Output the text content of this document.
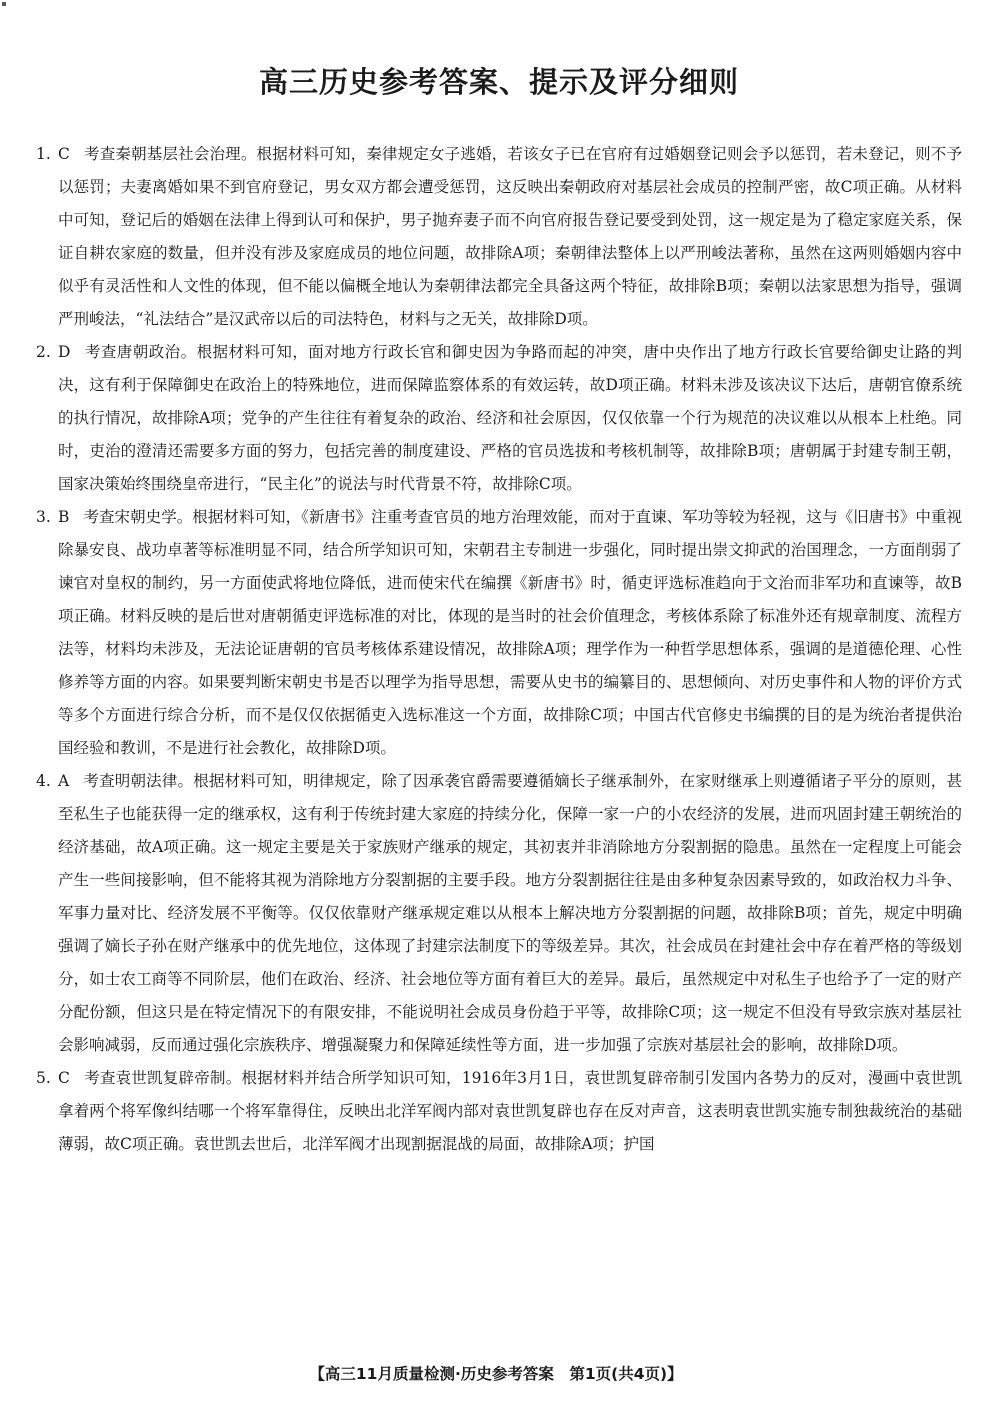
高三历史参考答案、提示及评分细则
1. C 考查秦朝基层社会治理。根据材料可知，秦律规定女子逃婚，若该女子已在官府有过婚姻登记则会予以惩罚，若未登记，则不予以惩罚；夫妻离婚如果不到官府登记，男女双方都会遭受惩罚，这反映出秦朝政府对基层社会成员的控制严密，故C项正确。从材料中可知，登记后的婚姻在法律上得到认可和保护，男子抛弃妻子而不向官府报告登记要受到处罚，这一规定是为了稳定家庭关系，保证自耕农家庭的数量，但并没有涉及家庭成员的地位问题，故排除A项；秦朝律法整体上以严刑峻法著称，虽然在这两则婚姻内容中似乎有灵活性和人文性的体现，但不能以偏概全地认为秦朝律法都完全具备这两个特征，故排除B项；秦朝以法家思想为指导，强调严刑峻法，“礼法结合”是汉武帝以后的司法特色，材料与之无关，故排除D项。
2. D 考查唐朝政治。根据材料可知，面对地方行政长官和御史因为争路而起的冲突，唐中央作出了地方行政长官要给御史让路的判决，这有利于保障御史在政治上的特殊地位，进而保障监察体系的有效运转，故D项正确。材料未涉及该决议下达后，唐朝官僚系统的执行情况，故排除A项；党争的产生往往有着复杂的政治、经济和社会原因，仅仅依靠一个行为规范的决议难以从根本上杜绝。同时，吏治的澄清还需要多方面的努力，包括完善的制度建设、严格的官员选拔和考核机制等，故排除B项；唐朝属于封建专制王朝，国家决策始终围绕皇帝进行，“民主化”的说法与时代背景不符，故排除C项。
3. B 考查宋朝史学。根据材料可知，《新唐书》注重考查官员的地方治理效能，而对于直谏、军功等较为轻视，这与《旧唐书》中重视除暴安良、战功卓著等标准明显不同，结合所学知识可知，宋朝君主专制进一步强化，同时提出崇文抑武的治国理念，一方面削弱了谏官对皇权的制约，另一方面使武将地位降低，进而使宋代在编撰《新唐书》时，循吏评选标准趋向于文治而非军功和直谏等，故B项正确。材料反映的是后世对唐朝循吏评选标准的对比，体现的是当时的社会价值理念，考核体系除了标准外还有规章制度、流程方法等，材料均未涉及，无法论证唐朝的官员考核体系建设情况，故排除A项；理学作为一种哲学思想体系，强调的是道德伦理、心性修养等方面的内容。如果要判断宋朝史书是否以理学为指导思想，需要从史书的编纂目的、思想倾向、对历史事件和人物的评价方式等多个方面进行综合分析，而不是仅仅依据循吏入选标准这一个方面，故排除C项；中国古代官修史书编撰的目的是为统治者提供治国经验和教训，不是进行社会教化，故排除D项。
4. A 考查明朝法律。根据材料可知，明律规定，除了因承袭官爵需要遵循嫡长子继承制外，在家财继承上则遵循诸子平分的原则，甚至私生子也能获得一定的继承权，这有利于传统封建大家庭的持续分化，保障一家一户的小农经济的发展，进而巩固封建王朝统治的经济基础，故A项正确。这一规定主要是关于家族财产继承的规定，其初衷并非消除地方分裂割据的隐患。虽然在一定程度上可能会产生一些间接影响，但不能将其视为消除地方分裂割据的主要手段。地方分裂割据往往是由多种复杂因素导致的，如政治权力斗争、军事力量对比、经济发展不平衡等。仅仅依靠财产继承规定难以从根本上解决地方分裂割据的问题，故排除B项；首先，规定中明确强调了嫡长子孙在财产继承中的优先地位，这体现了封建宗法制度下的等级差异。其次，社会成员在封建社会中存在着严格的等级划分，如士农工商等不同阶层，他们在政治、经济、社会地位等方面有着巨大的差异。最后，虽然规定中对私生子也给予了一定的财产分配份额，但这只是在特定情况下的有限安排，不能说明社会成员身份趋于平等，故排除C项；这一规定不但没有导致宗族对基层社会影响减弱，反而通过强化宗族秩序、增强凝聚力和保障延续性等方面，进一步加强了宗族对基层社会的影响，故排除D项。
5. C 考查袁世凯复辟帝制。根据材料并结合所学知识可知，1916年3月1日，袁世凯复辟帝制引发国内各势力的反对，漫画中袁世凯拿着两个将军像纠结哪一个将军靠得住，反映出北洋军阀内部对袁世凯复辟也存在反对声音，这表明袁世凯实施专制独裁统治的基础薄弱，故C项正确。袁世凯去世后，北洋军阀才出现割据混战的局面，故排除A项；护国
【高三11月质量检测·历史参考答案　第1页(共4页)】
